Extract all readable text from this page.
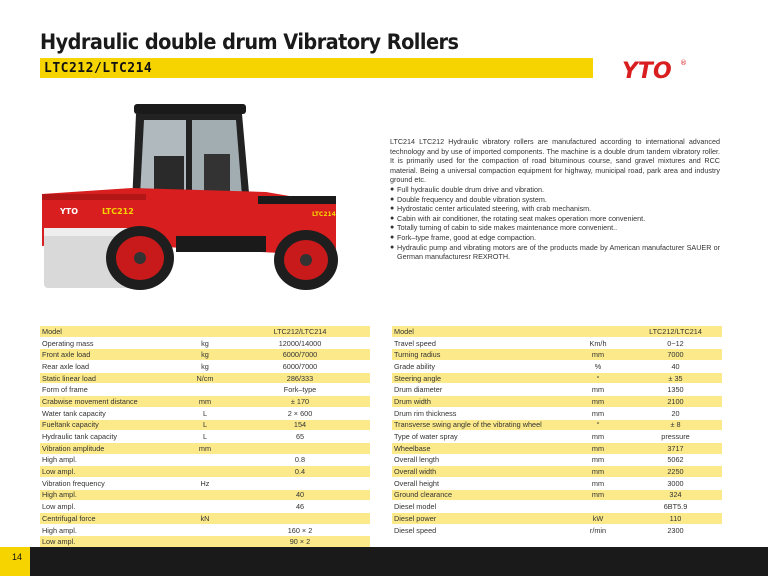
Hydraulic double drum Vibratory Rollers
LTC212/LTC214	YTO ®
YTO	LTC212	LTC214

LTC214 LTC212 Hydraulic vibratory rollers are manufactured according to international advanced technology and by use of imported components. The machine is a double drum tandem vibratory roller. It is primarily used for the compaction of road bituminous course, sand gravel mixtures and RCC material. Being a universal compaction equipment for highway, municipal road, park area and industry ground etc.

● Full hydraulic double drum drive and vibration.
● Double frequency and double vibration system.
● Hydrostatic center articulated steering, with crab mechanism.
● Cabin with air conditioner, the rotating seat makes operation more convenient.
● Totally turning of cabin to side makes maintenance more convenient..
● Fork–type frame, good at edge compaction.
● Hydraulic pump and vibrating motors are of the products made by American manufacturer SAUER or German manufacturesr REXROTH.
Model		LTC212/LTC214
Operating mass	kg	12000/14000
Front axle load	kg	6000/7000
Rear axle load	kg	6000/7000
Static linear load	N/cm	286/333
Form of frame		Fork–type
Crabwise movement distance	mm	± 170
Water tank capacity	L	2 × 600
Fueltank capacity	L	154
Hydraulic tank capacity	L	65
Vibration amplitude	mm	
High ampl.		0.8
Low ampl.		0.4
Vibration frequency	Hz	
High ampl.		40
Low ampl.		46
Centrifugal force	kN	
High ampl.		160 × 2
Low ampl.		90 × 2
Model		LTC212/LTC214
Travel speed	Km/h	0~12
Turning radius	mm	7000
Grade ability	%	40
Steering angle	°	± 35
Drum diameter	mm	1350
Drum width	mm	2100
Drum rim thickness	mm	20
Transverse swing angle of the vibrating wheel	°	± 8
Type of water spray	mm	pressure
Wheelbase	mm	3717
Overall length	mm	5062
Overall width	mm	2250
Overall height	mm	3000
Ground clearance	mm	324
Diesel model		6BT5.9
Diesel power	kW	110
Diesel speed	r/min	2300
14
